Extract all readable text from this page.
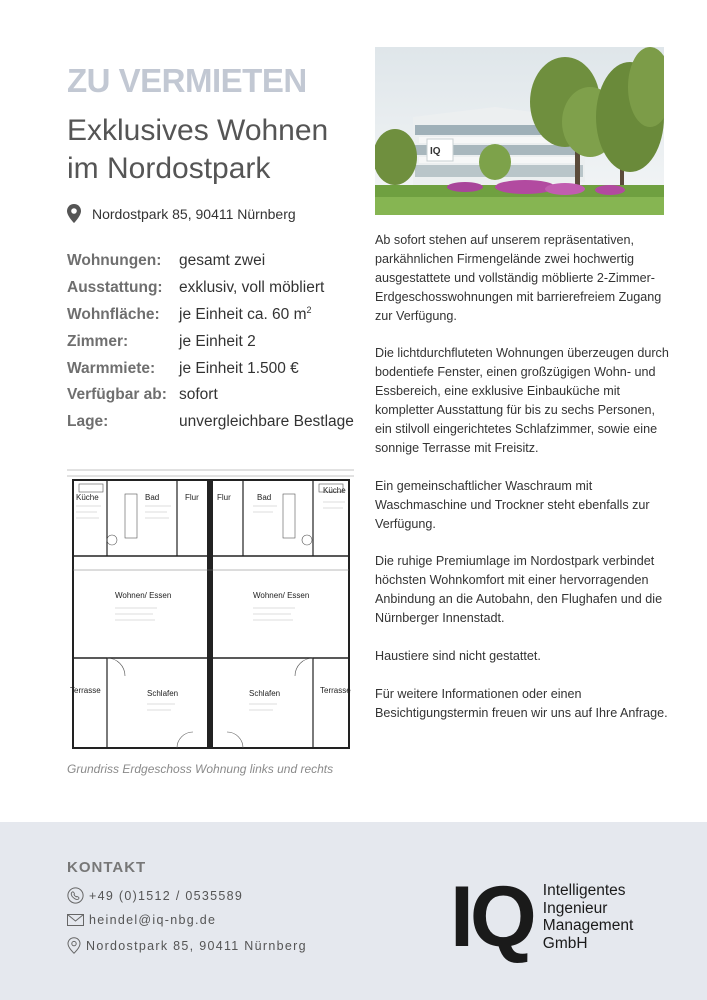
ZU VERMIETEN
Exklusives Wohnen
im Nordostpark
Nordostpark 85, 90411 Nürnberg
Wohnungen:	gesamt zwei
Ausstattung:	exklusiv, voll möbliert
Wohnfläche:	je Einheit ca. 60 $m^2$
Zimmer:	je Einheit 2
Warmmiete:	je Einheit 1.500 €
Verfügbar ab: sofort
Lage:	unvergleichbare Bestlage
IQ

Ab sofort stehen auf unserem repräsentativen, parkähnlichen Firmengelände zwei hochwertig ausgestattete und vollständig möblierte 2-Zimmer-Erdgeschosswohnungen mit barrierefreiem Zugang zur Verfügung.

Die lichtdurchfluteten Wohnungen überzeugen durch bodentiefe Fenster, einen großzügigen Wohn- und Essbereich, eine exklusive Einbauküche mit kompletter Ausstattung für bis zu sechs Personen, ein stilvoll eingerichtetes Schlafzimmer, sowie eine sonnige Terrasse mit Freisitz.

Ein gemeinschaftlicher Waschraum mit Waschmaschine und Trockner steht ebenfalls zur Verfügung.

Die ruhige Premiumlage im Nordostpark verbindet höchsten Wohnkomfort mit einer hervorragenden Anbindung an die Autobahn, den Flughafen und die Nürnberger Innenstadt.

Haustiere sind nicht gestattet.

Für weitere Informationen oder einen Besichtigungstermin freuen wir uns auf Ihre Anfrage.

Küche	Bad	Flur Flur	Bad
Küche
Wohnen/ Essen	Wohnen/ Essen
Terrasse	Schlafen	Schlafen	Terrasse
Grundriss Erdgeschoss Wohnung links und rechts
KONTAKT
+49 (0)1512 / 0535589
heindel@iq-nbg.de
Nordostpark 85, 90411 Nürnberg IQ Intelligentes
Ingenieur
Management
GmbH
